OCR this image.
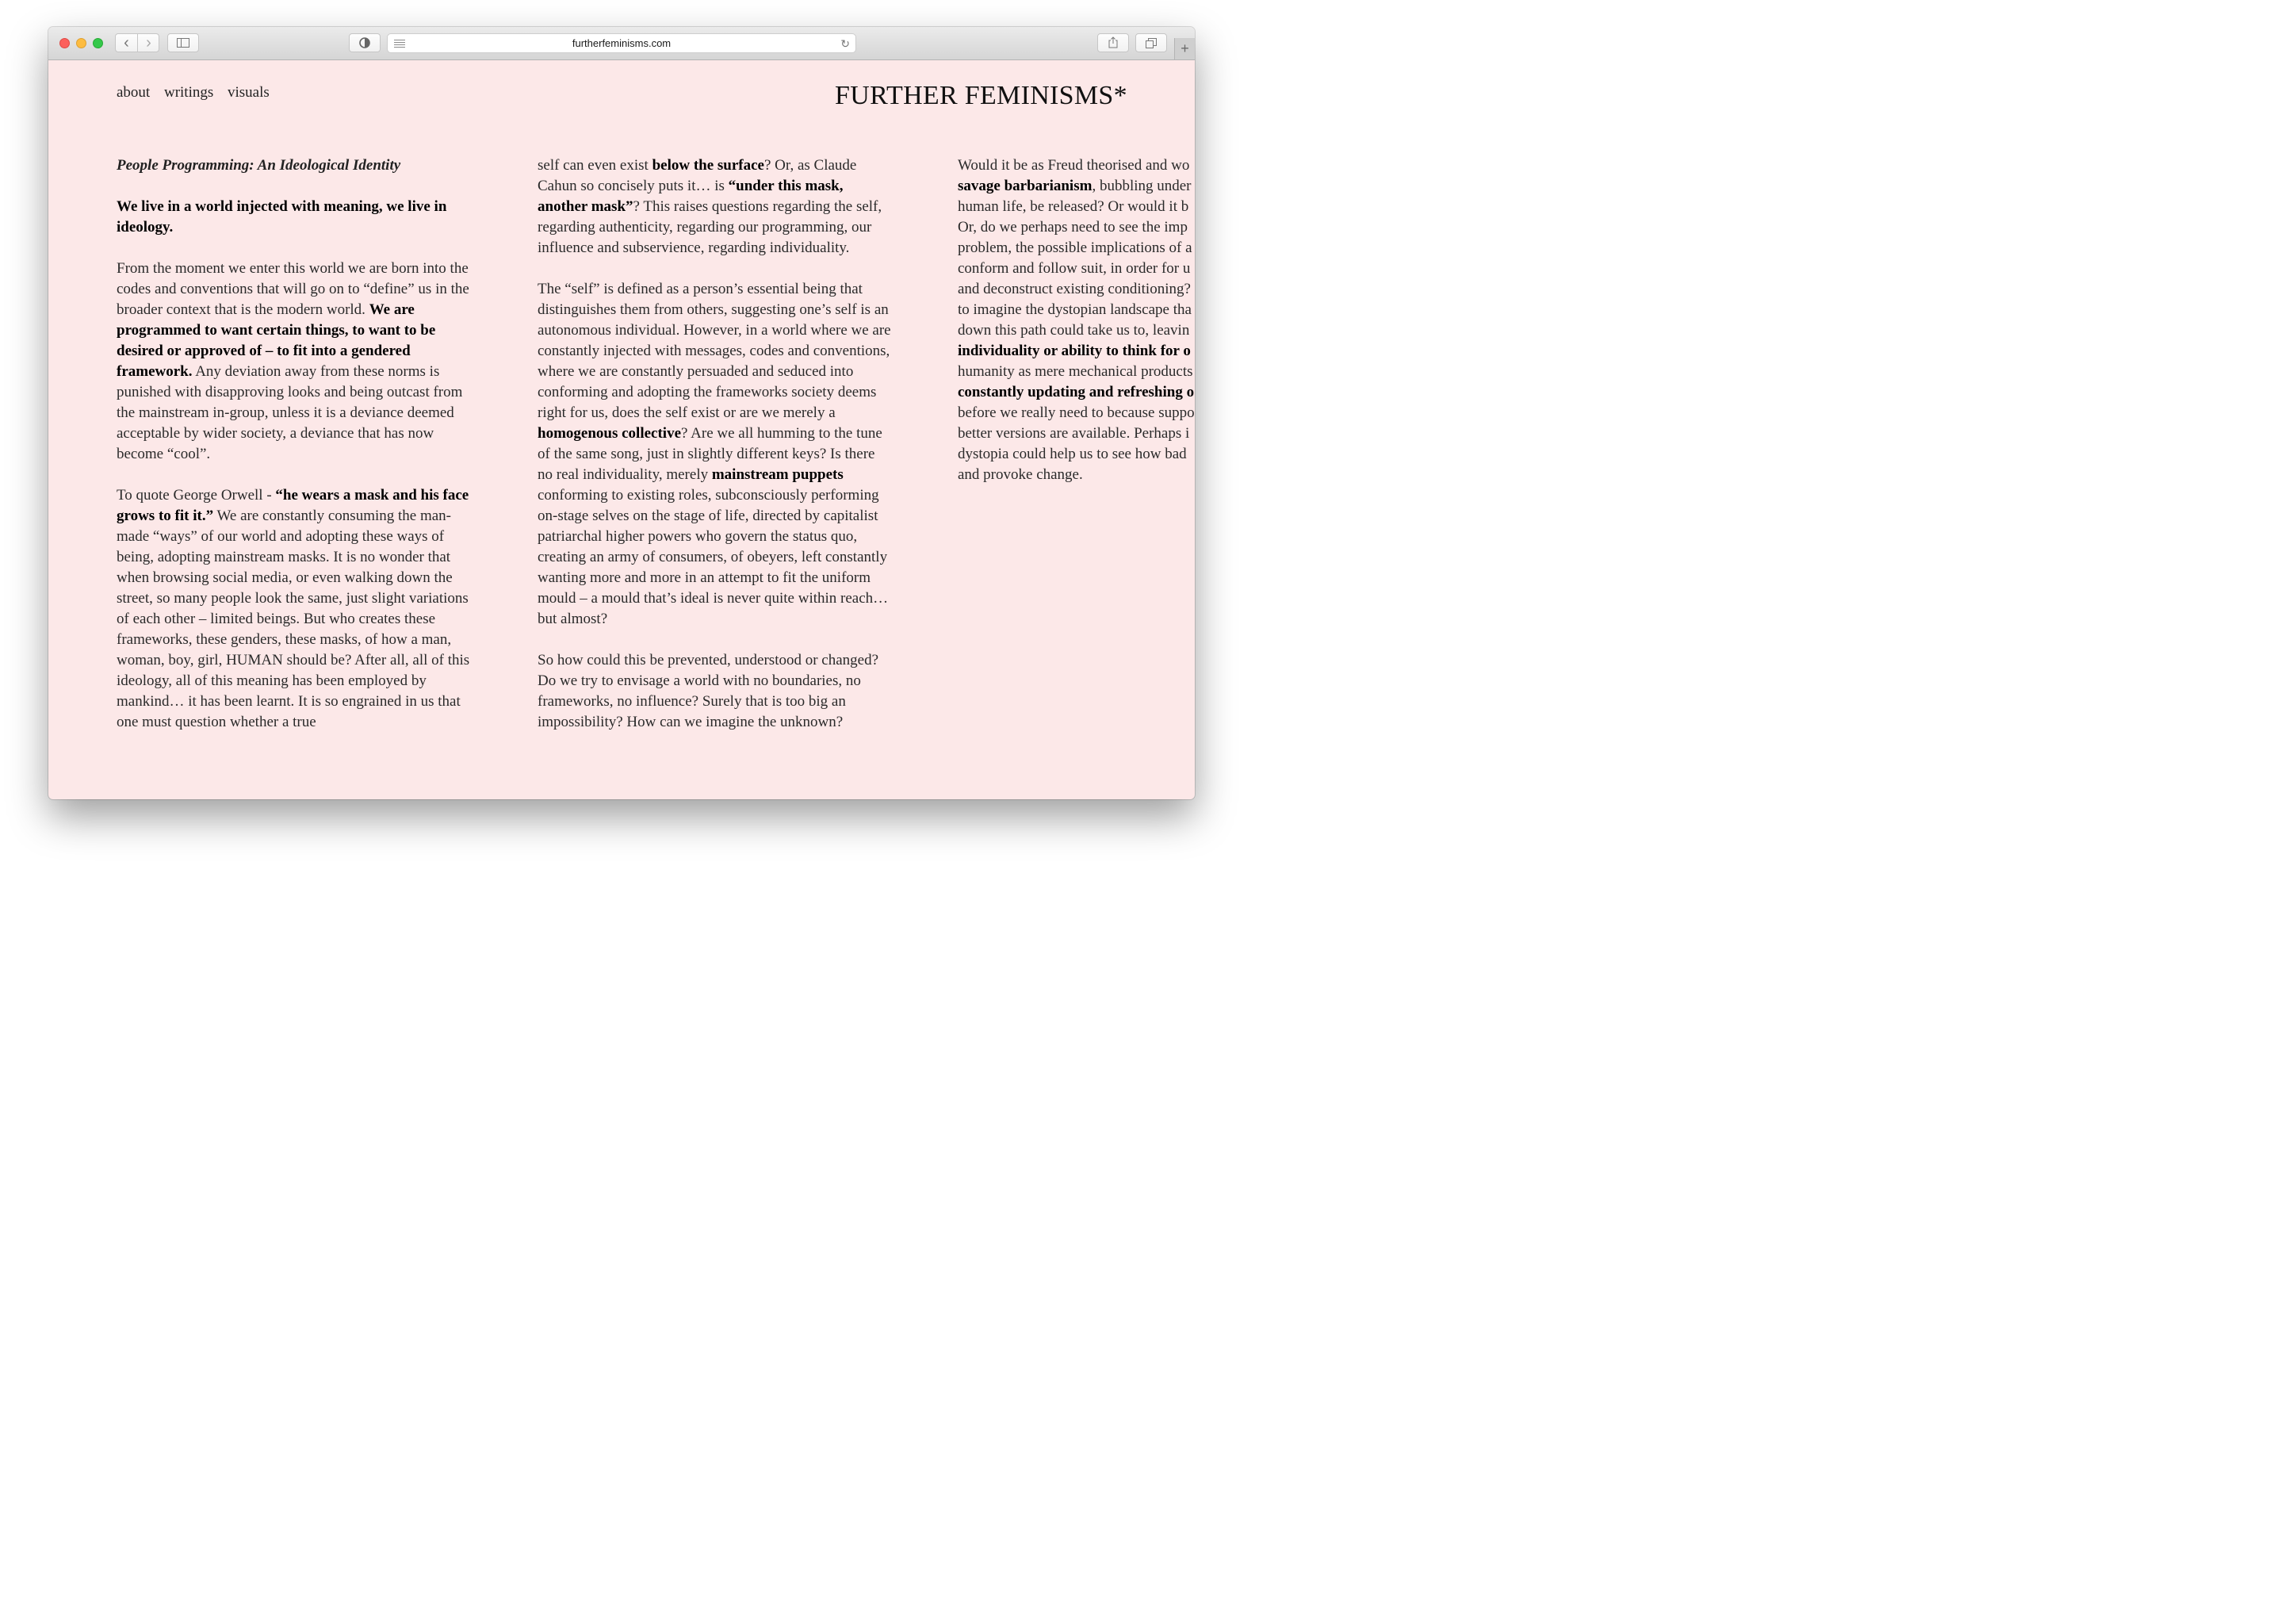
‹	›	furtherfeminisms.com	↻	+
about writings visuals	FURTHER FEMINISMS*

People Programming: An Ideological Identity

We live in a world injected with meaning, we live in ideology.

From the moment we enter this world we are born into the codes and conventions that will go on to “define” us in the broader context that is the modern world. We are programmed to want certain things, to want to be desired or approved of – to fit into a gendered framework. Any deviation away from these norms is punished with disapproving looks and being outcast from the mainstream in-group, unless it is a deviance deemed acceptable by wider society, a deviance that has now become “cool”.

To quote George Orwell - “he wears a mask and his face grows to fit it.” We are constantly consuming the man-made “ways” of our world and adopting these ways of being, adopting mainstream masks. It is no wonder that when browsing social media, or even walking down the street, so many people look the same, just slight variations of each other – limited beings. But who creates these frameworks, these genders, these masks, of how a man, woman, boy, girl, HUMAN should be? After all, all of this ideology, all of this meaning has been employed by mankind… it has been learnt. It is so engrained in us that one must question whether a true

self can even exist below the surface? Or, as Claude Cahun so concisely puts it… is “under this mask, another mask”? This raises questions regarding the self, regarding authenticity, regarding our programming, our influence and subservience, regarding individuality.

The “self” is defined as a person’s essential being that distinguishes them from others, suggesting one’s self is an autonomous individual. However, in a world where we are constantly injected with messages, codes and conventions, where we are constantly persuaded and seduced into conforming and adopting the frameworks society deems right for us, does the self exist or are we merely a homogenous collective? Are we all humming to the tune of the same song, just in slightly different keys? Is there no real individuality, merely mainstream puppets conforming to existing roles, subconsciously performing on-stage selves on the stage of life, directed by capitalist patriarchal higher powers who govern the status quo, creating an army of consumers, of obeyers, left constantly wanting more and more in an attempt to fit the uniform mould – a mould that’s ideal is never quite within reach… but almost?

So how could this be prevented, understood or changed? Do we try to envisage a world with no boundaries, no frameworks, no influence? Surely that is too big an impossibility? How can we imagine the unknown?

Would it be as Freud theorised and wo
savage barbarianism, bubbling under
human life, be released? Or would it b
Or, do we perhaps need to see the imp
problem, the possible implications of a
conform and follow suit, in order for u
and deconstruct existing conditioning?
to imagine the dystopian landscape tha
down this path could take us to, leavin
individuality or ability to think for o
humanity as mere mechanical products
constantly updating and refreshing o
before we really need to because suppo
better versions are available. Perhaps i
dystopia could help us to see how bad
and provoke change.
